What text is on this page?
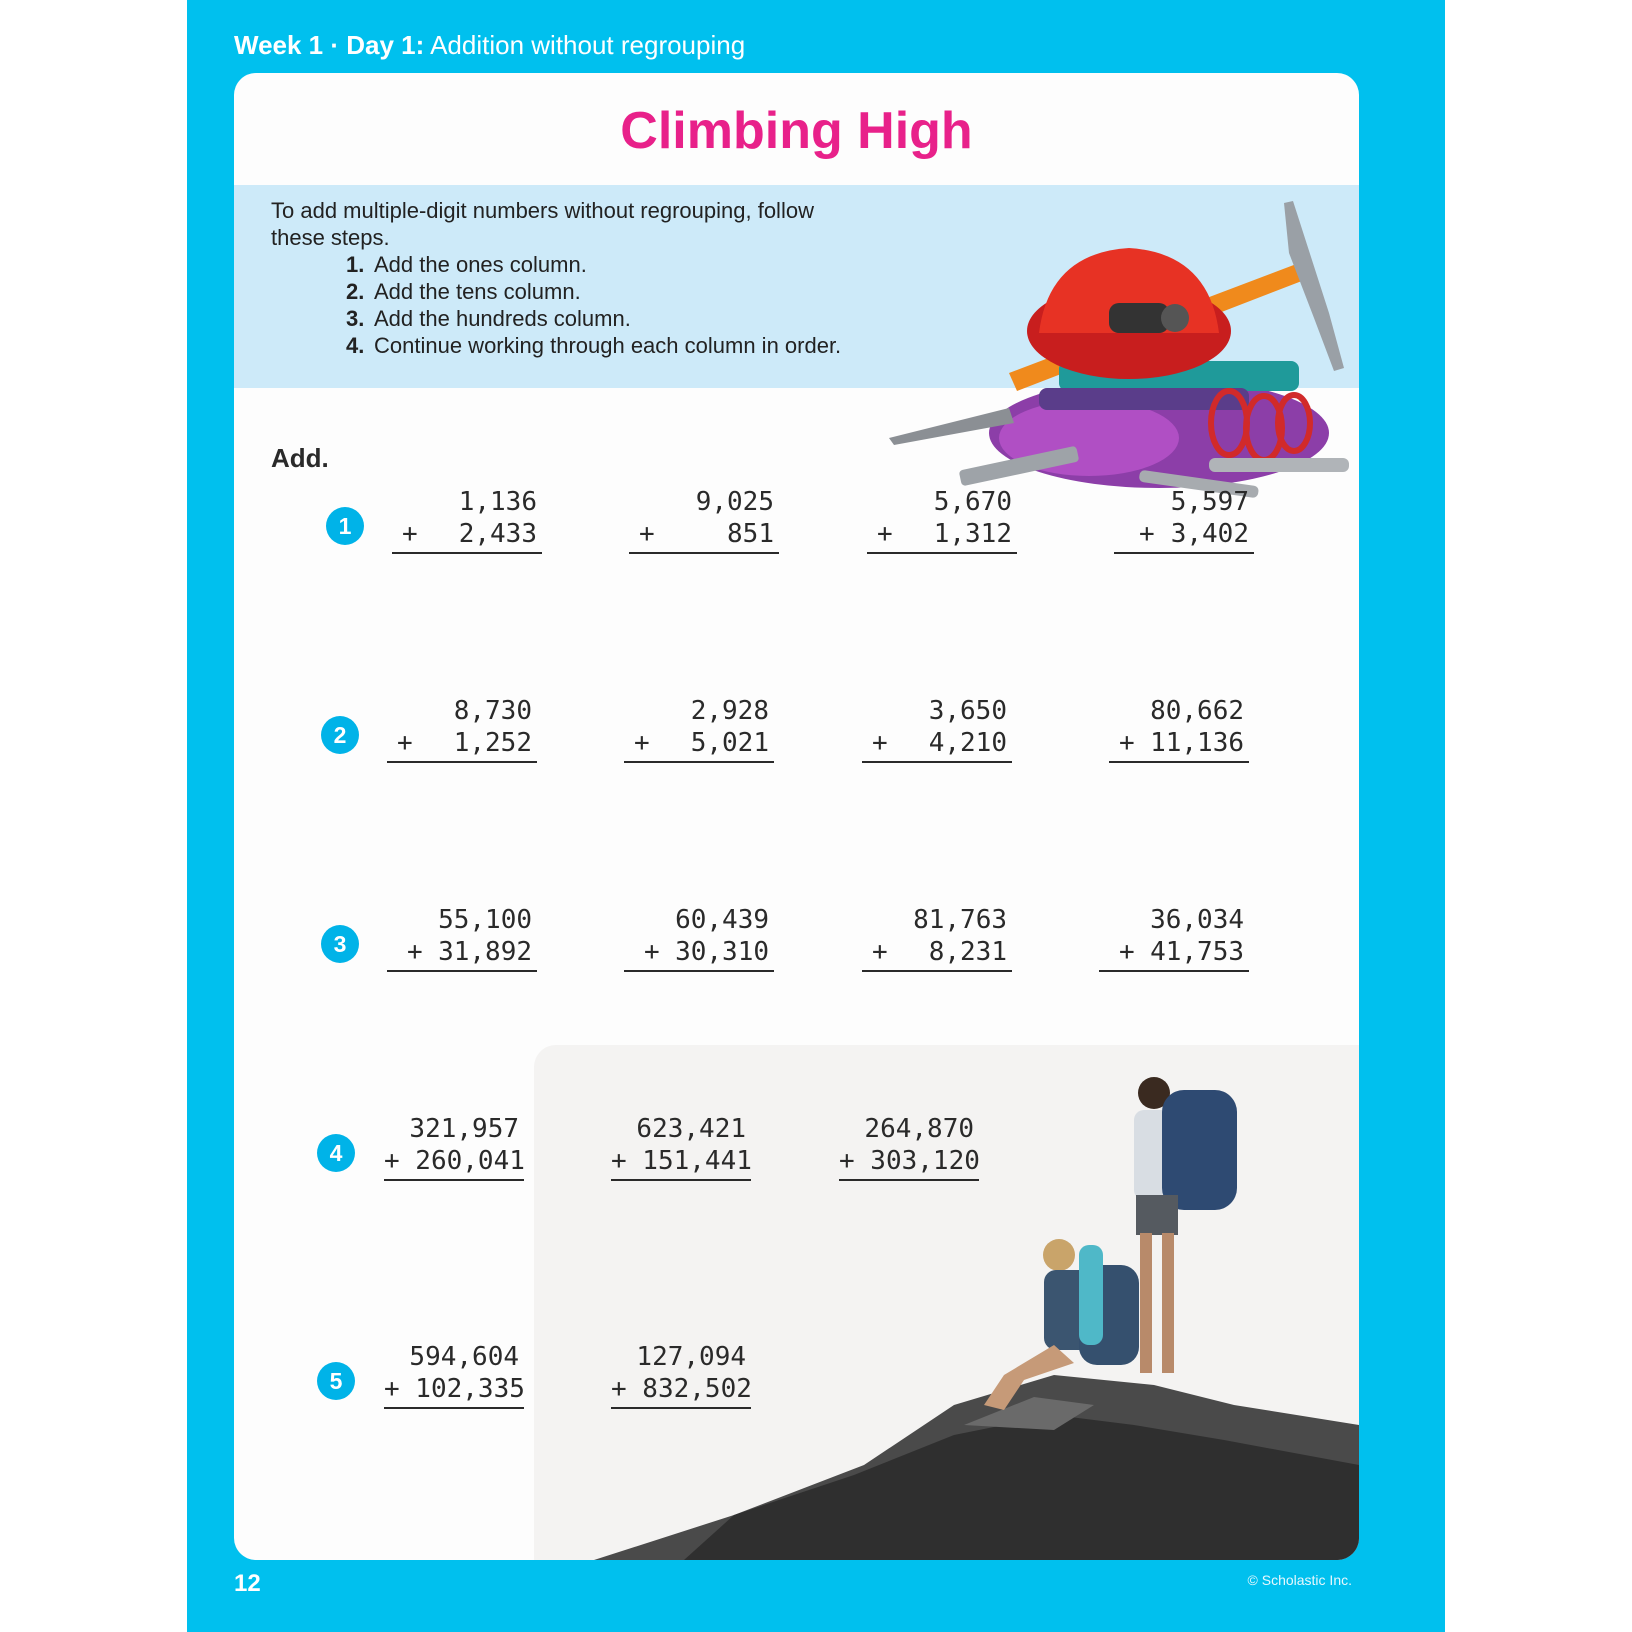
Week 1 · Day 1: Addition without regrouping
Climbing High
To add multiple-digit numbers without regrouping, follow these steps.
1. Add the ones column.
2. Add the tens column.
3. Add the hundreds column.
4. Continue working through each column in order.
Add.
1
1,136
+ 2,433
9,025
+	851
5,670
+ 1,312
5,597
+ 3,402
2
8,730
+ 1,252
2,928
+ 5,021
3,650
+ 4,210
80,662
+ 11,136
3
55,100
+ 31,892
60,439
+ 30,310
81,763
+ 8,231
36,034
+ 41,753
4
321,957
+ 260,041
623,421
+ 151,441
264,870
+ 303,120
5
594,604
+ 102,335
127,094
+ 832,502
12	© Scholastic Inc.
